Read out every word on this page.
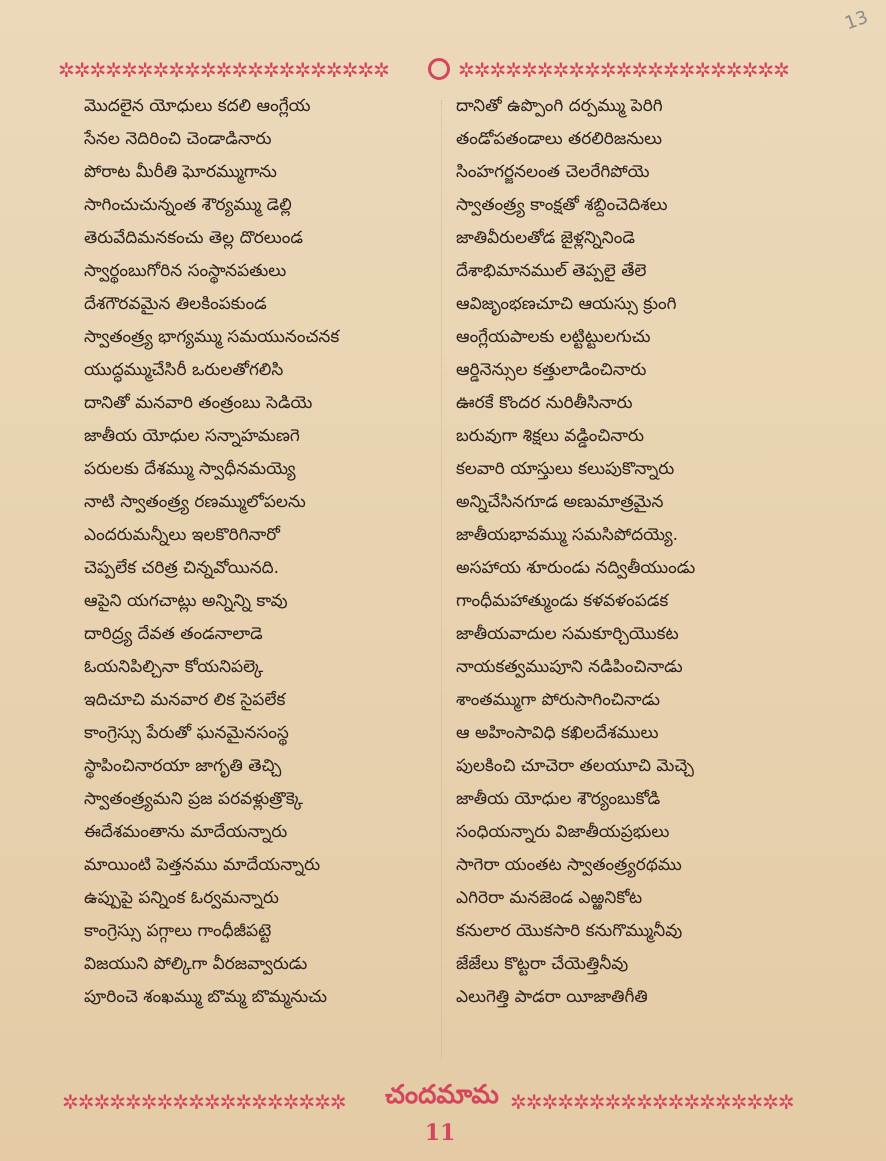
13
✲✲✲✲✲✲✲✲✲✲✲✲✲✲✲✲✲✲✲✲✲	✲✲✲✲✲✲✲✲✲✲✲✲✲✲✲✲✲✲✲✲✲
మొదలైన యోధులు కదలి ఆంగ్లేయ
సేనల నెదిరించి చెండాడినారు
పోరాట మీరీతి ఘోరమ్ముగాను
సాగించుచున్నంత శౌర్యమ్ము డెల్లి
తెరువేదిమనకంచు తెల్ల దొరలుండ
స్వార్థంబుగోరిన సంస్థానపతులు
దేశగౌరవమైన తిలకింపకుండ
స్వాతంత్ర్య భాగ్యమ్ము సమయునంచనక
యుద్ధమ్ముచేసిరీ ఒరులతోగలిసి
దానితో మనవారి తంత్రంబు సెడియె
జాతీయ యోధుల సన్నాహమణగె
పరులకు దేశమ్ము స్వాధీనమయ్యె
నాటి స్వాతంత్ర్య రణమ్ములోపలను
ఎందరుమన్నీలు ఇలకొరిగినారో
చెప్పలేక చరిత్ర చిన్నవోయినది.
ఆపైని యగచాట్లు అన్నిన్ని కావు
దారిద్ర్య దేవత తండనాలాడె
ఓయనిపిల్చినా కోయనిపల్కె
ఇదిచూచి మనవార లిక సైపలేక
కాంగ్రెస్సు పేరుతో ఘనమైనసంస్థ
స్థాపించినారయా జాగృతి తెచ్చి
స్వాతంత్ర్యమని ప్రజ పరవళ్లుత్రొక్కె
ఈదేశమంతాను మాదేయన్నారు
మాయింటి పెత్తనము మాదేయన్నారు
ఉప్పుపై పన్నింక ఓర్వమన్నారు
కాంగ్రెస్సు పగ్గాలు గాంధీజీపట్టె
విజయుని పోల్కిగా వీరజవ్వారుడు
పూరించె శంఖమ్ము బొమ్మ బొమ్మనుచు
దానితో ఉప్పొంగి దర్పమ్ము పెరిగి
తండోపతండాలు తరలిరిజనులు
సింహగర్జనలంత చెలరేగిపోయె
స్వాతంత్ర్య కాంక్షతో శబ్దించెదిశలు
జాతివీరులతోడ జైళ్లన్నినిండె
దేశాభిమానముల్ తెప్పలై తేలె
ఆవిజృంభణచూచి ఆయస్సు క్రుంగి
ఆంగ్లేయపాలకు లట్టిట్టులగుచు
ఆర్డినెన్సుల కత్తులాడించినారు
ఊరకే కొందర నురితీసినారు
బరువుగా శిక్షలు వడ్డించినారు
కలవారి యాస్తులు కలుపుకొన్నారు
అన్నిచేసినగూడ అణుమాత్రమైన
జాతీయభావమ్ము సమసిపోదయ్యె.
అసహాయ శూరుండు నద్వితీయుండు
గాంధీమహాత్ముండు కళవళంపడక
జాతీయవాదుల సమకూర్చియొకట
నాయకత్వముపూని నడిపించినాడు
శాంతమ్ముగా పోరుసాగించినాడు
ఆ అహింసావిధి కఖిలదేశములు
పులకించి చూచెరా తలయూచి మెచ్చె
జాతీయ యోధుల శౌర్యంబుకోడి
సంధియన్నారు విజాతీయప్రభులు
సాగెరా యంతట స్వాతంత్ర్యరథము
ఎగిరెరా మనజెండ ఎఱ్ఱనికోట
కనులార యొకసారి కనుగొమ్మునీవు
జేజేలు కొట్టరా చేయెత్తినీవు
ఎలుగెత్తి పాడరా యీజాతిగీతి
✲✲✲✲✲✲✲✲✲✲✲✲✲✲✲✲✲✲	చందమామ ✲✲✲✲✲✲✲✲✲✲✲✲✲✲✲✲✲✲
11
